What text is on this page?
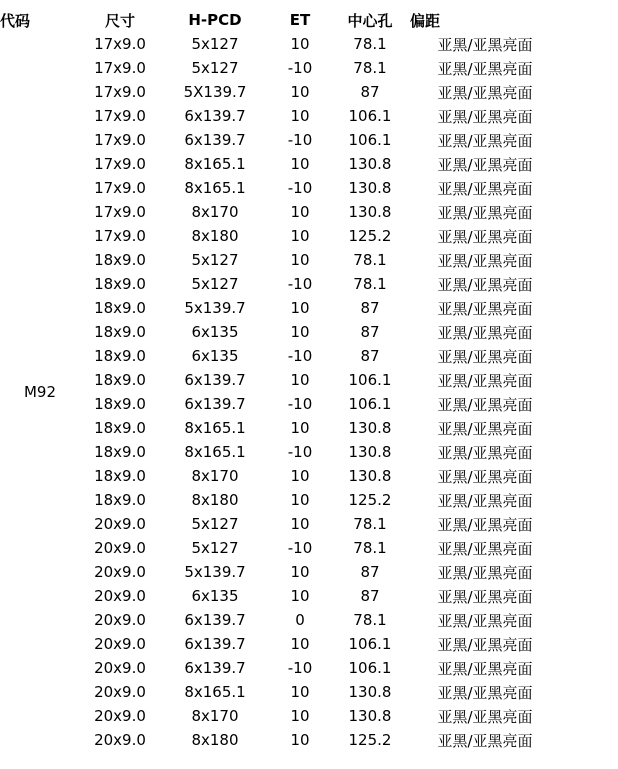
代码	尺寸	H-PCD	ET	中心孔	偏距
M92	17x9.0	5x127	10	78.1	亚黑/亚黑亮面
	17x9.0	5x127	-10	78.1	亚黑/亚黑亮面
	17x9.0	5X139.7	10	87	亚黑/亚黑亮面
	17x9.0	6x139.7	10	106.1	亚黑/亚黑亮面
	17x9.0	6x139.7	-10	106.1	亚黑/亚黑亮面
	17x9.0	8x165.1	10	130.8	亚黑/亚黑亮面
	17x9.0	8x165.1	-10	130.8	亚黑/亚黑亮面
	17x9.0	8x170	10	130.8	亚黑/亚黑亮面
	17x9.0	8x180	10	125.2	亚黑/亚黑亮面
	18x9.0	5x127	10	78.1	亚黑/亚黑亮面
	18x9.0	5x127	-10	78.1	亚黑/亚黑亮面
	18x9.0	5x139.7	10	87	亚黑/亚黑亮面
	18x9.0	6x135	10	87	亚黑/亚黑亮面
	18x9.0	6x135	-10	87	亚黑/亚黑亮面
	18x9.0	6x139.7	10	106.1	亚黑/亚黑亮面
	18x9.0	6x139.7	-10	106.1	亚黑/亚黑亮面
	18x9.0	8x165.1	10	130.8	亚黑/亚黑亮面
	18x9.0	8x165.1	-10	130.8	亚黑/亚黑亮面
	18x9.0	8x170	10	130.8	亚黑/亚黑亮面
	18x9.0	8x180	10	125.2	亚黑/亚黑亮面
	20x9.0	5x127	10	78.1	亚黑/亚黑亮面
	20x9.0	5x127	-10	78.1	亚黑/亚黑亮面
	20x9.0	5x139.7	10	87	亚黑/亚黑亮面
	20x9.0	6x135	10	87	亚黑/亚黑亮面
	20x9.0	6x139.7	0	78.1	亚黑/亚黑亮面
	20x9.0	6x139.7	10	106.1	亚黑/亚黑亮面
	20x9.0	6x139.7	-10	106.1	亚黑/亚黑亮面
	20x9.0	8x165.1	10	130.8	亚黑/亚黑亮面
	20x9.0	8x170	10	130.8	亚黑/亚黑亮面
	20x9.0	8x180	10	125.2	亚黑/亚黑亮面
